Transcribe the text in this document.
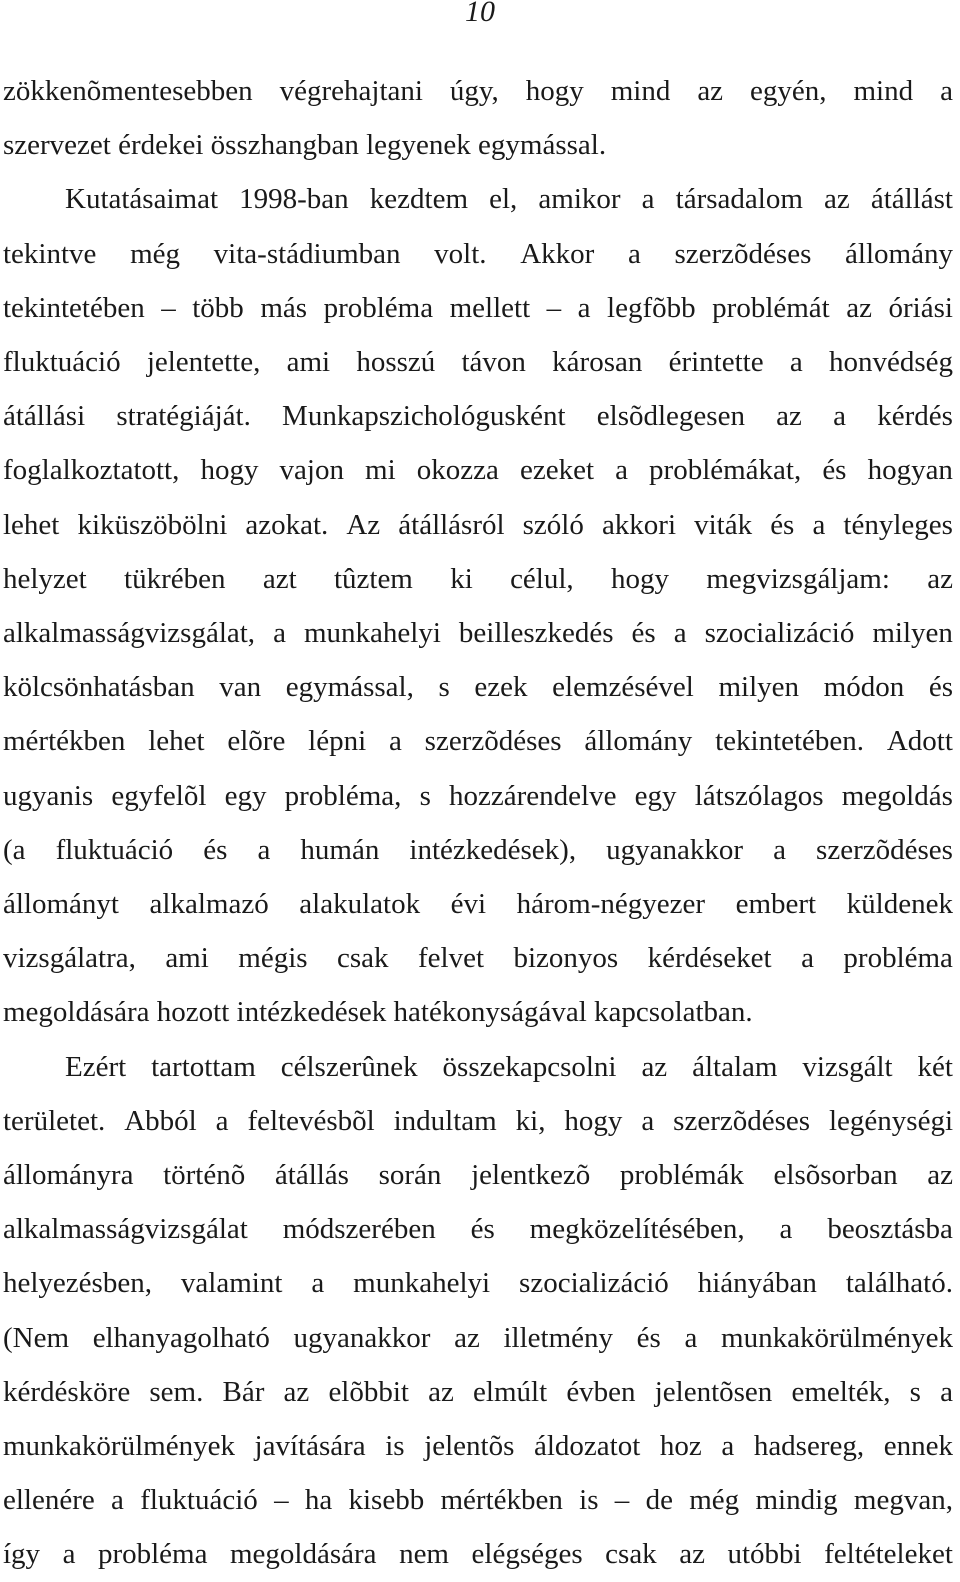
10

zökkenõmentesebben végrehajtani úgy, hogy mind az egyén, mind a
szervezet érdekei összhangban legyenek egymással.

Kutatásaimat 1998-ban kezdtem el, amikor a társadalom az átállást
tekintve még vita-stádiumban volt. Akkor a szerzõdéses állomány
tekintetében – több más probléma mellett – a legfõbb problémát az óriási
fluktuáció jelentette, ami hosszú távon károsan érintette a honvédség
átállási stratégiáját. Munkapszichológusként elsõdlegesen az a kérdés
foglalkoztatott, hogy vajon mi okozza ezeket a problémákat, és hogyan
lehet kiküszöbölni azokat. Az átállásról szóló akkori viták és a tényleges
helyzet tükrében azt tûztem ki célul, hogy megvizsgáljam: az
alkalmasságvizsgálat, a munkahelyi beilleszkedés és a szocializáció milyen
kölcsönhatásban van egymással, s ezek elemzésével milyen módon és
mértékben lehet elõre lépni a szerzõdéses állomány tekintetében. Adott
ugyanis egyfelõl egy probléma, s hozzárendelve egy látszólagos megoldás
(a fluktuáció és a humán intézkedések), ugyanakkor a szerzõdéses
állományt alkalmazó alakulatok évi három-négyezer embert küldenek
vizsgálatra, ami mégis csak felvet bizonyos kérdéseket a probléma
megoldására hozott intézkedések hatékonyságával kapcsolatban.

Ezért tartottam célszerûnek összekapcsolni az általam vizsgált két
területet. Abból a feltevésbõl indultam ki, hogy a szerzõdéses legénységi
állományra történõ átállás során jelentkezõ problémák elsõsorban az
alkalmasságvizsgálat módszerében és megközelítésében, a beosztásba
helyezésben, valamint a munkahelyi szocializáció hiányában található.
(Nem elhanyagolható ugyanakkor az illetmény és a munkakörülmények
kérdésköre sem. Bár az elõbbit az elmúlt évben jelentõsen emelték, s a
munkakörülmények javítására is jelentõs áldozatot hoz a hadsereg, ennek
ellenére a fluktuáció – ha kisebb mértékben is – de még mindig megvan,
így a probléma megoldására nem elégséges csak az utóbbi feltételeket
